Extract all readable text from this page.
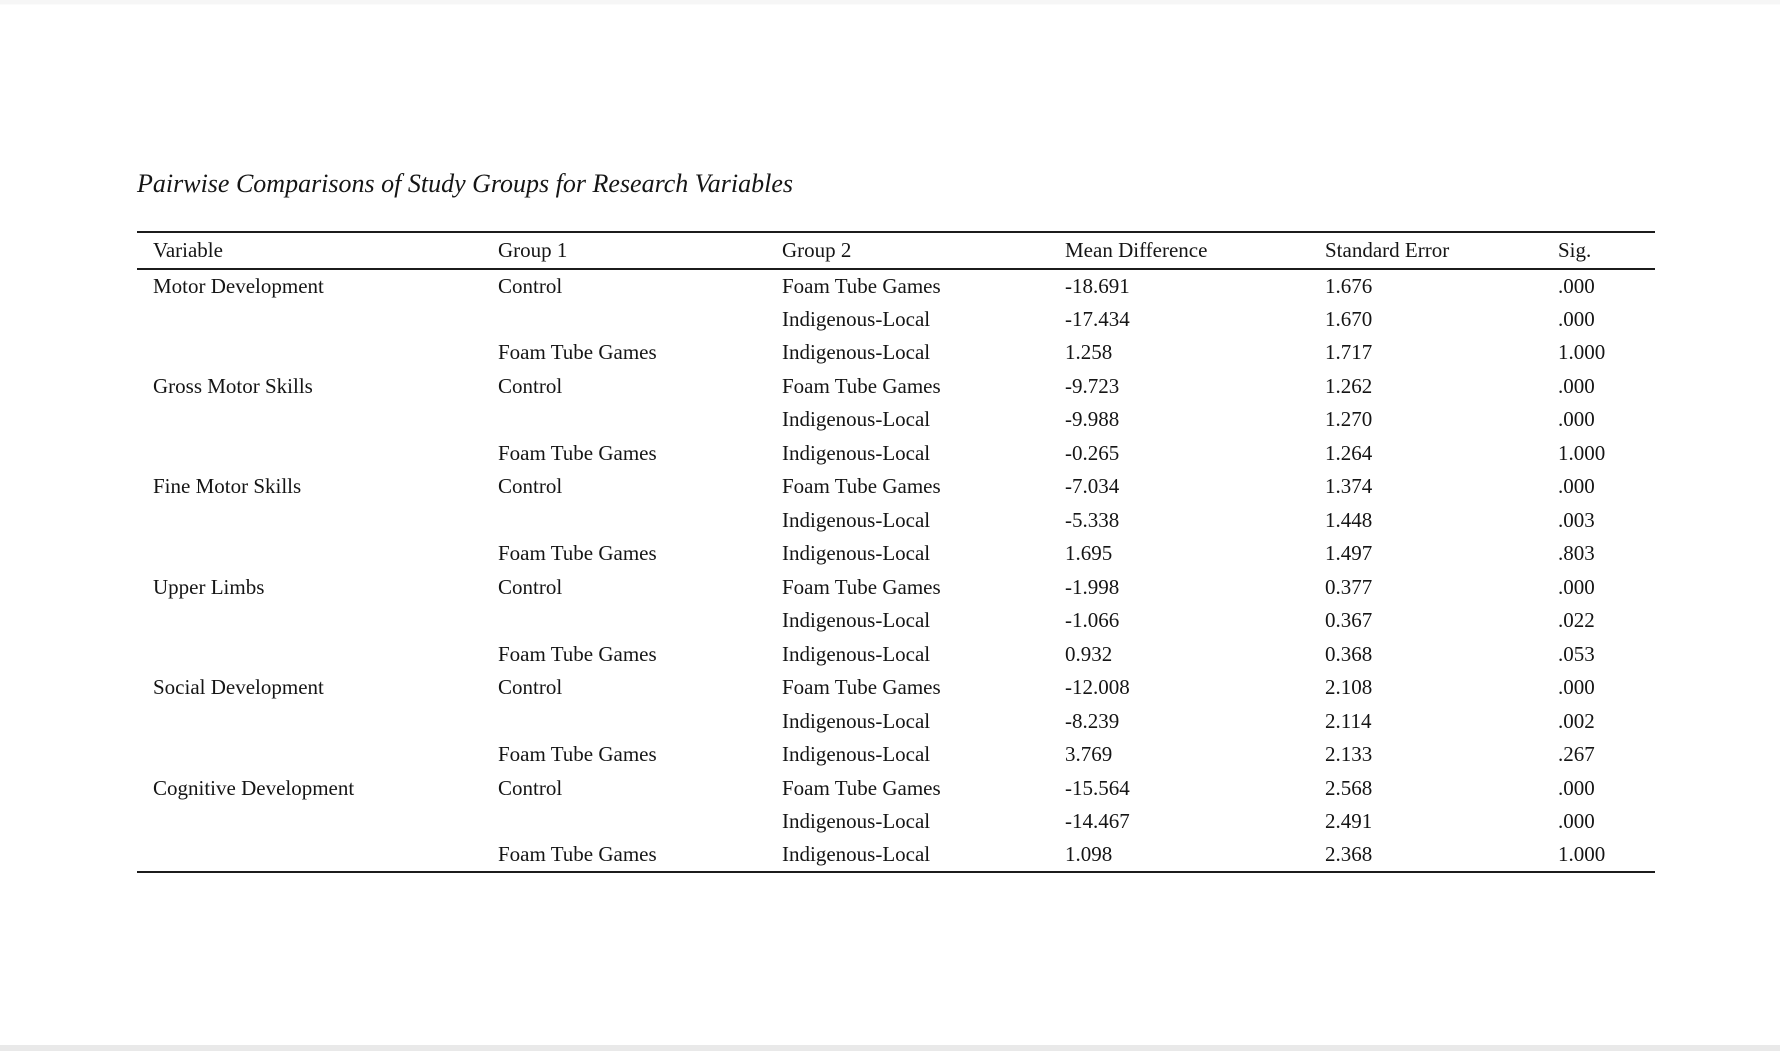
Pairwise Comparisons of Study Groups for Research Variables
Variable	Group 1	Group 2	Mean Difference	Standard Error	Sig.
Motor Development	Control	Foam Tube Games	-18.691	1.676	.000
		Indigenous-Local	-17.434	1.670	.000
	Foam Tube Games	Indigenous-Local	1.258	1.717	1.000
Gross Motor Skills	Control	Foam Tube Games	-9.723	1.262	.000
		Indigenous-Local	-9.988	1.270	.000
	Foam Tube Games	Indigenous-Local	-0.265	1.264	1.000
Fine Motor Skills	Control	Foam Tube Games	-7.034	1.374	.000
		Indigenous-Local	-5.338	1.448	.003
	Foam Tube Games	Indigenous-Local	1.695	1.497	.803
Upper Limbs	Control	Foam Tube Games	-1.998	0.377	.000
		Indigenous-Local	-1.066	0.367	.022
	Foam Tube Games	Indigenous-Local	0.932	0.368	.053
Social Development	Control	Foam Tube Games	-12.008	2.108	.000
		Indigenous-Local	-8.239	2.114	.002
	Foam Tube Games	Indigenous-Local	3.769	2.133	.267
Cognitive Development	Control	Foam Tube Games	-15.564	2.568	.000
		Indigenous-Local	-14.467	2.491	.000
	Foam Tube Games	Indigenous-Local	1.098	2.368	1.000
